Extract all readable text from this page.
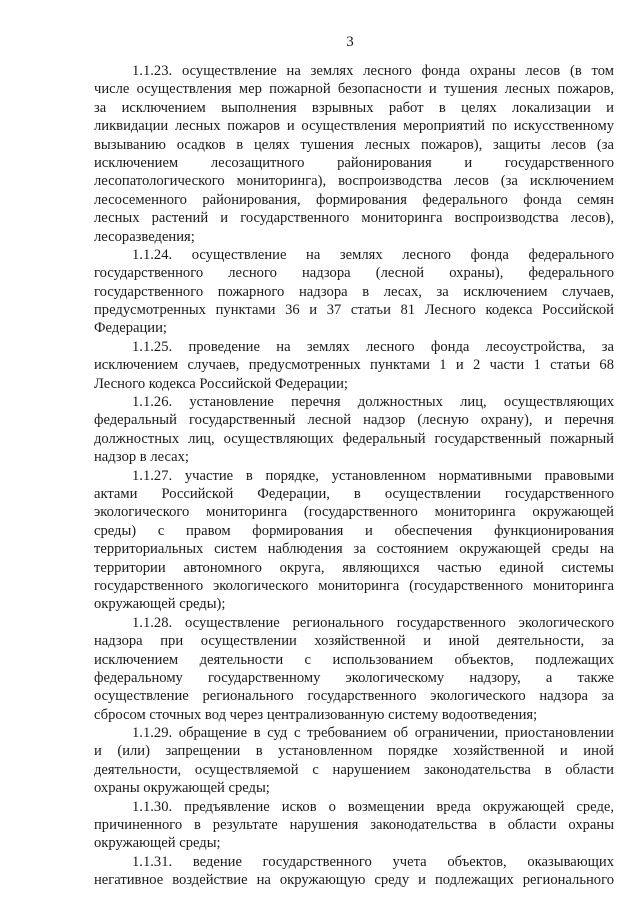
3
1.1.23. осуществление на землях лесного фонда охраны лесов (в том
числе осуществления мер пожарной безопасности и тушения лесных пожаров,
за исключением выполнения взрывных работ в целях локализации и
ликвидации лесных пожаров и осуществления мероприятий по искусственному
вызыванию осадков в целях тушения лесных пожаров), защиты лесов (за
исключением лесозащитного районирования и государственного
лесопатологического мониторинга), воспроизводства лесов (за исключением
лесосеменного районирования, формирования федерального фонда семян
лесных растений и государственного мониторинга воспроизводства лесов),
лесоразведения;
1.1.24. осуществление на землях лесного фонда федерального
государственного лесного надзора (лесной охраны), федерального
государственного пожарного надзора в лесах, за исключением случаев,
предусмотренных пунктами 36 и 37 статьи 81 Лесного кодекса Российской
Федерации;
1.1.25. проведение на землях лесного фонда лесоустройства, за
исключением случаев, предусмотренных пунктами 1 и 2 части 1 статьи 68
Лесного кодекса Российской Федерации;
1.1.26. установление перечня должностных лиц, осуществляющих
федеральный государственный лесной надзор (лесную охрану), и перечня
должностных лиц, осуществляющих федеральный государственный пожарный
надзор в лесах;
1.1.27. участие в порядке, установленном нормативными правовыми
актами Российской Федерации, в осуществлении государственного
экологического мониторинга (государственного мониторинга окружающей
среды) с правом формирования и обеспечения функционирования
территориальных систем наблюдения за состоянием окружающей среды на
территории автономного округа, являющихся частью единой системы
государственного экологического мониторинга (государственного мониторинга
окружающей среды);
1.1.28. осуществление регионального государственного экологического
надзора при осуществлении хозяйственной и иной деятельности, за
исключением деятельности с использованием объектов, подлежащих
федеральному государственному экологическому надзору, а также
осуществление регионального государственного экологического надзора за
сбросом сточных вод через централизованную систему водоотведения;
1.1.29. обращение в суд с требованием об ограничении, приостановлении
и (или) запрещении в установленном порядке хозяйственной и иной
деятельности, осуществляемой с нарушением законодательства в области
охраны окружающей среды;
1.1.30. предъявление исков о возмещении вреда окружающей среде,
причиненного в результате нарушения законодательства в области охраны
окружающей среды;
1.1.31. ведение государственного учета объектов, оказывающих
негативное воздействие на окружающую среду и подлежащих регионального
